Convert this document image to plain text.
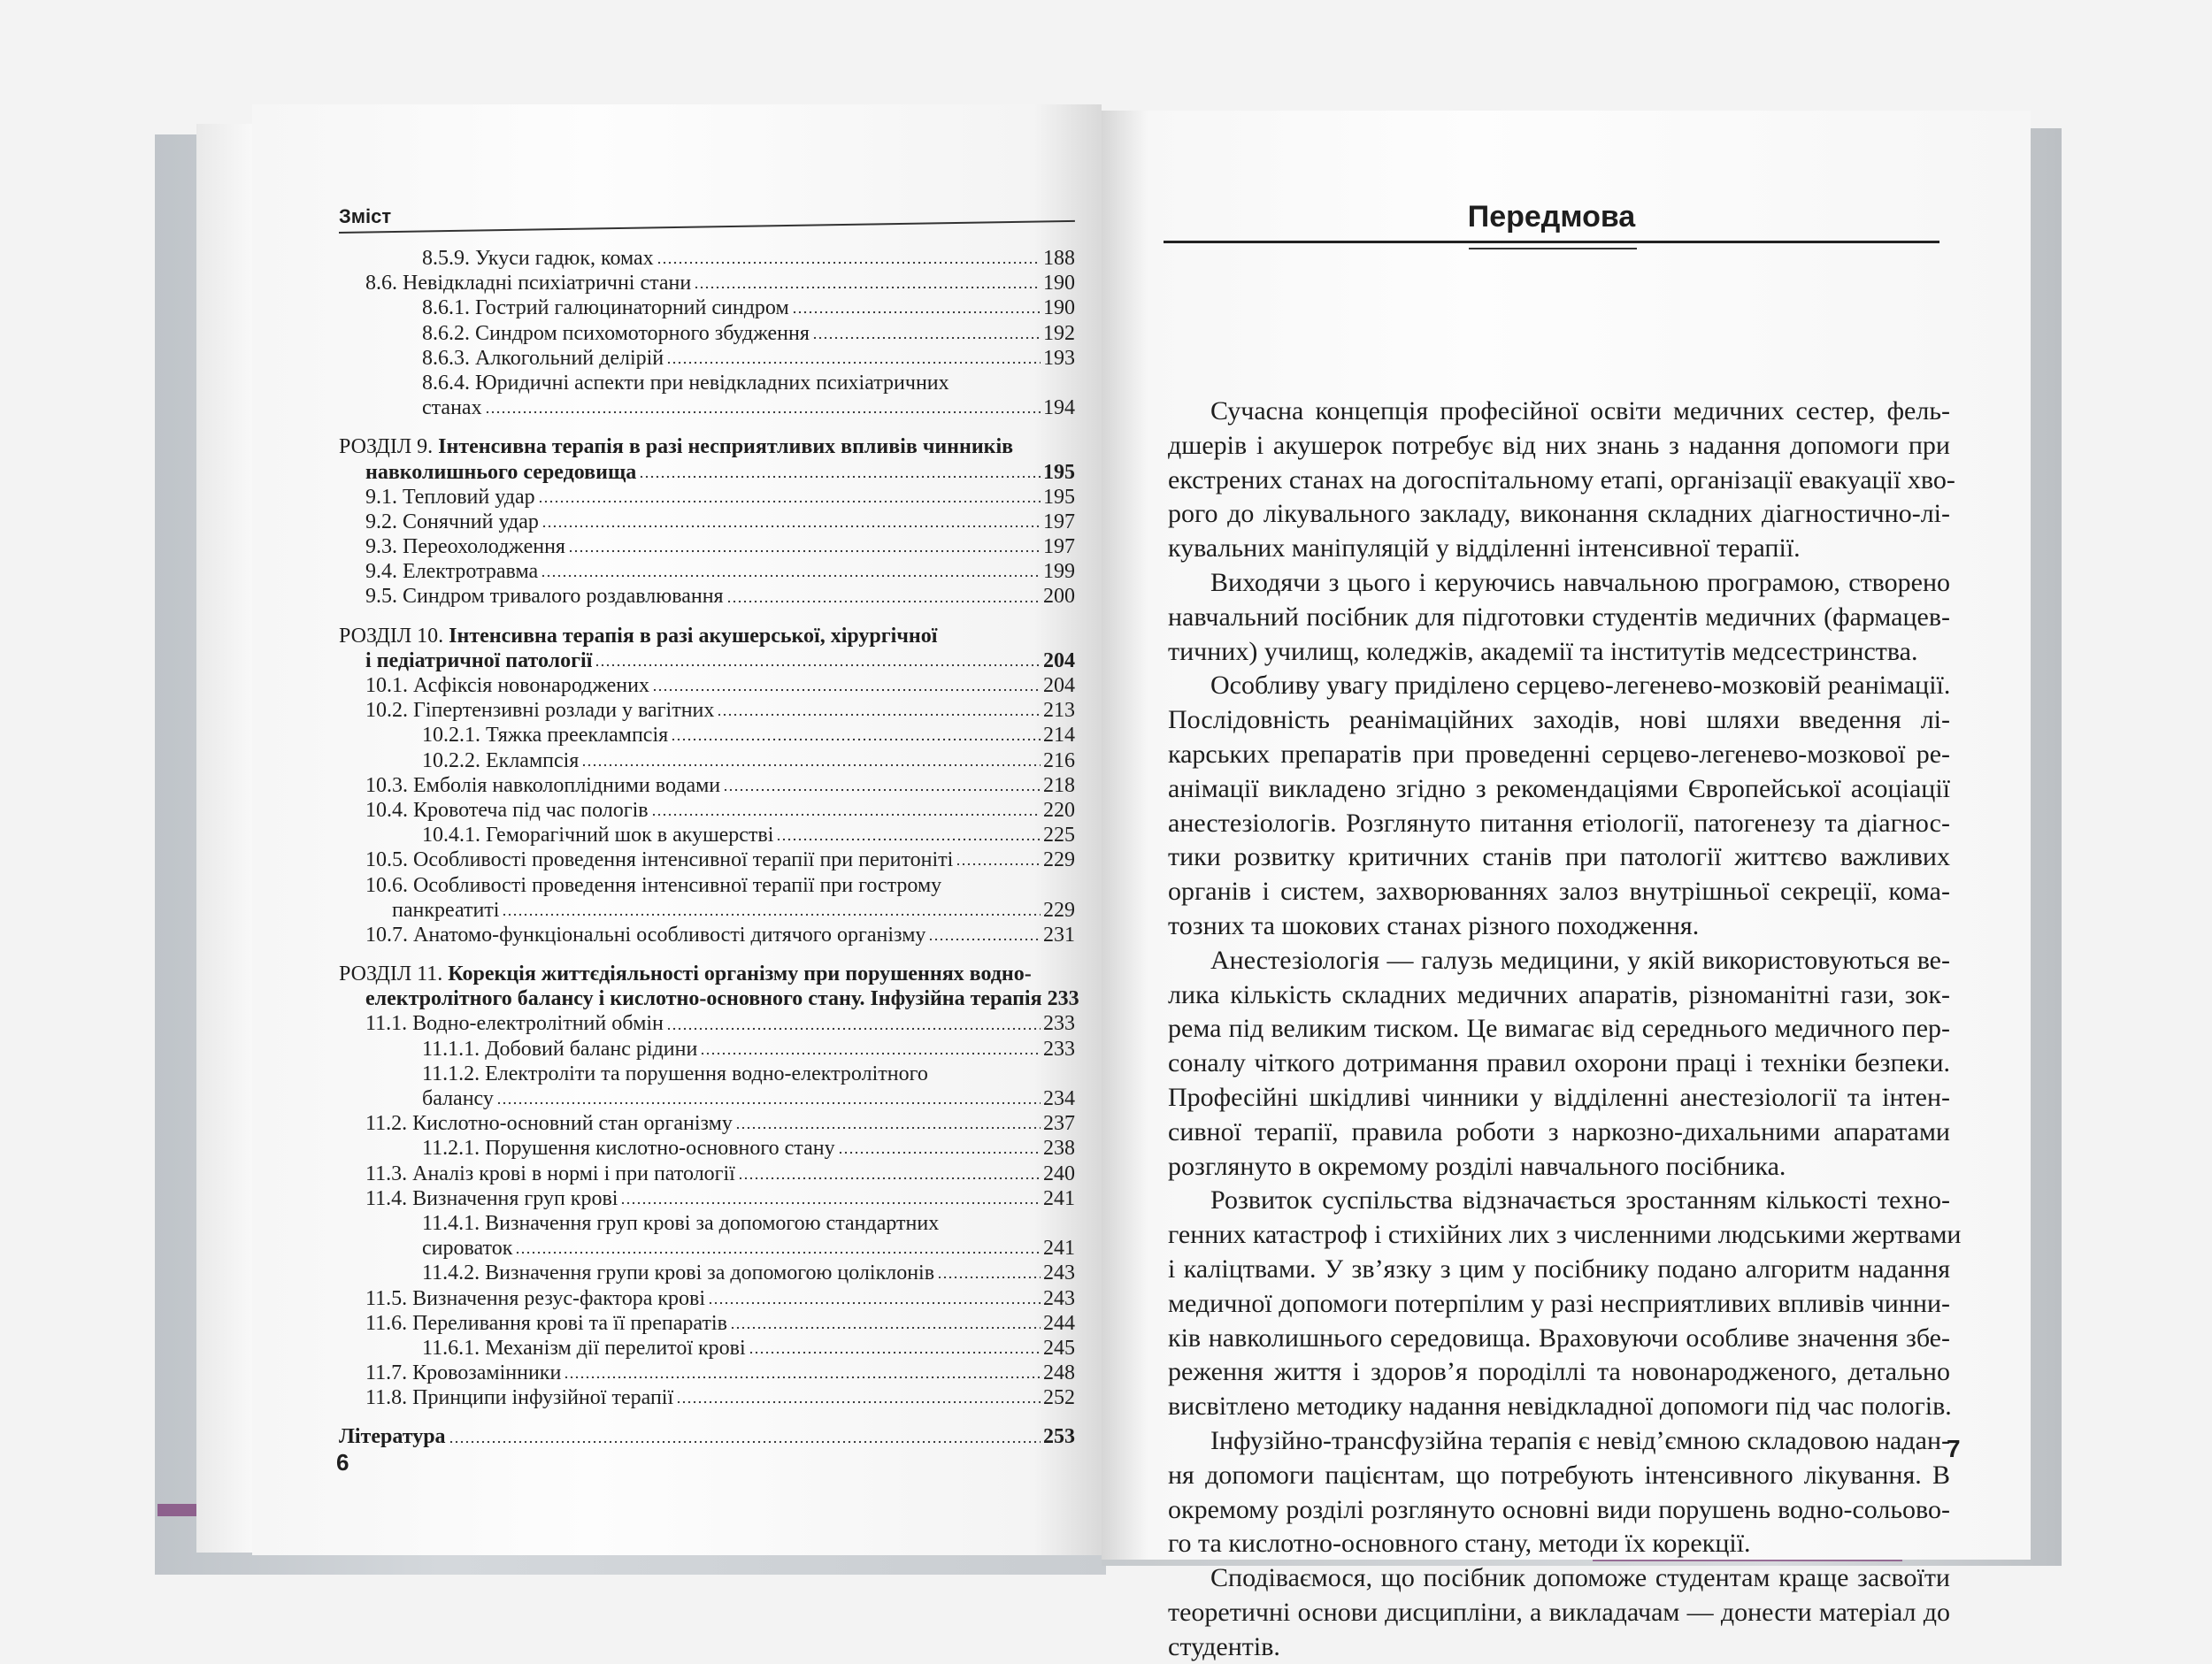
Зміст
8.5.9. Укуси гадюк, комах	188
8.6. Невідкладні психіатричні стани	190
8.6.1. Гострий галюцинаторний синдром	190
8.6.2. Синдром психомоторного збудження	192
8.6.3. Алкогольний делірій	193
8.6.4. Юридичні аспекти при невідкладних психіатричних
станах	194
РОЗДІЛ 9. Інтенсивна терапія в разі несприятливих впливів чинників
навколишнього середовища	195
9.1. Тепловий удар	195
9.2. Сонячний удар	197
9.3. Переохолодження	197
9.4. Електротравма	199
9.5. Синдром тривалого роздавлювання	200
РОЗДІЛ 10. Інтенсивна терапія в разі акушерської, хірургічної
і педіатричної патології	204
10.1. Асфіксія новонароджених	204
10.2. Гіпертензивні розлади у вагітних	213
10.2.1. Тяжка прееклампсія	214
10.2.2. Еклампсія	216
10.3. Емболія навколоплідними водами	218
10.4. Кровотеча під час пологів	220
10.4.1. Геморагічний шок в акушерстві	225
10.5. Особливості проведення інтенсивної терапії при перитоніті	229
10.6. Особливості проведення інтенсивної терапії при гострому
панкреатиті	229
10.7. Анатомо-функціональні особливості дитячого організму	231
РОЗДІЛ 11. Корекція життєдіяльності організму при порушеннях водно-
електролітного балансу і кислотно-основного стану. Інфузійна терапія 233
11.1. Водно-електролітний обмін	233
11.1.1. Добовий баланс рідини	233
11.1.2. Електроліти та порушення водно-електролітного
балансу	234
11.2. Кислотно-основний стан організму	237
11.2.1. Порушення кислотно-основного стану	238
11.3. Аналіз крові в нормі і при патології	240
11.4. Визначення груп крові	241
11.4.1. Визначення груп крові за допомогою стандартних
сироваток	241
11.4.2. Визначення групи крові за допомогою цоліклонів	243
11.5. Визначення резус-фактора крові	243
11.6. Переливання крові та її препаратів	244
11.6.1. Механізм дії перелитої крові	245
11.7. Кровозамінники	248
11.8. Принципи інфузійної терапії	252
Література	253
6
Передмова
Сучасна концепція професійної освіти медичних сестер, фель-
дшерів і акушерок потребує від них знань з надання допомоги при
екстрених станах на догоспітальному етапі, організації евакуації хво-
рого до лікувального закладу, виконання складних діагностично-лі-
кувальних маніпуляцій у відділенні інтенсивної терапії.
Виходячи з цього і керуючись навчальною програмою, створено
навчальний посібник для підготовки студентів медичних (фармацев-
тичних) училищ, коледжів, академії та інститутів медсестринства.
Особливу увагу приділено серцево-легенево-мозковій реанімації.
Послідовність реанімаційних заходів, нові шляхи введення лі-
карських препаратів при проведенні серцево-легенево-мозкової ре-
анімації викладено згідно з рекомендаціями Європейської асоціації
анестезіологів. Розглянуто питання етіології, патогенезу та діагнос-
тики розвитку критичних станів при патології життєво важливих
органів і систем, захворюваннях залоз внутрішньої секреції, кома-
тозних та шокових станах різного походження.
Анестезіологія — галузь медицини, у якій використовуються ве-
лика кількість складних медичних апаратів, різноманітні гази, зок-
рема під великим тиском. Це вимагає від середнього медичного пер-
соналу чіткого дотримання правил охорони праці і техніки безпеки.
Професійні шкідливі чинники у відділенні анестезіології та інтен-
сивної терапії, правила роботи з наркозно-дихальними апаратами
розглянуто в окремому розділі навчального посібника.
Розвиток суспільства відзначається зростанням кількості техно-
генних катастроф і стихійних лих з численними людськими жертвами
і каліцтвами. У зв’язку з цим у посібнику подано алгоритм надання
медичної допомоги потерпілим у разі несприятливих впливів чинни-
ків навколишнього середовища. Враховуючи особливе значення збе-
реження життя і здоров’я породіллі та новонародженого, детально
висвітлено методику надання невідкладної допомоги під час пологів.
Інфузійно-трансфузійна терапія є невід’ємною складовою надан-
ня допомоги пацієнтам, що потребують інтенсивного лікування. В
окремому розділі розглянуто основні види порушень водно-сольово-
го та кислотно-основного стану, методи їх корекції.
Сподіваємося, що посібник допоможе студентам краще засвоїти
теоретичні основи дисципліни, а викладачам — донести матеріал до
студентів.
7
